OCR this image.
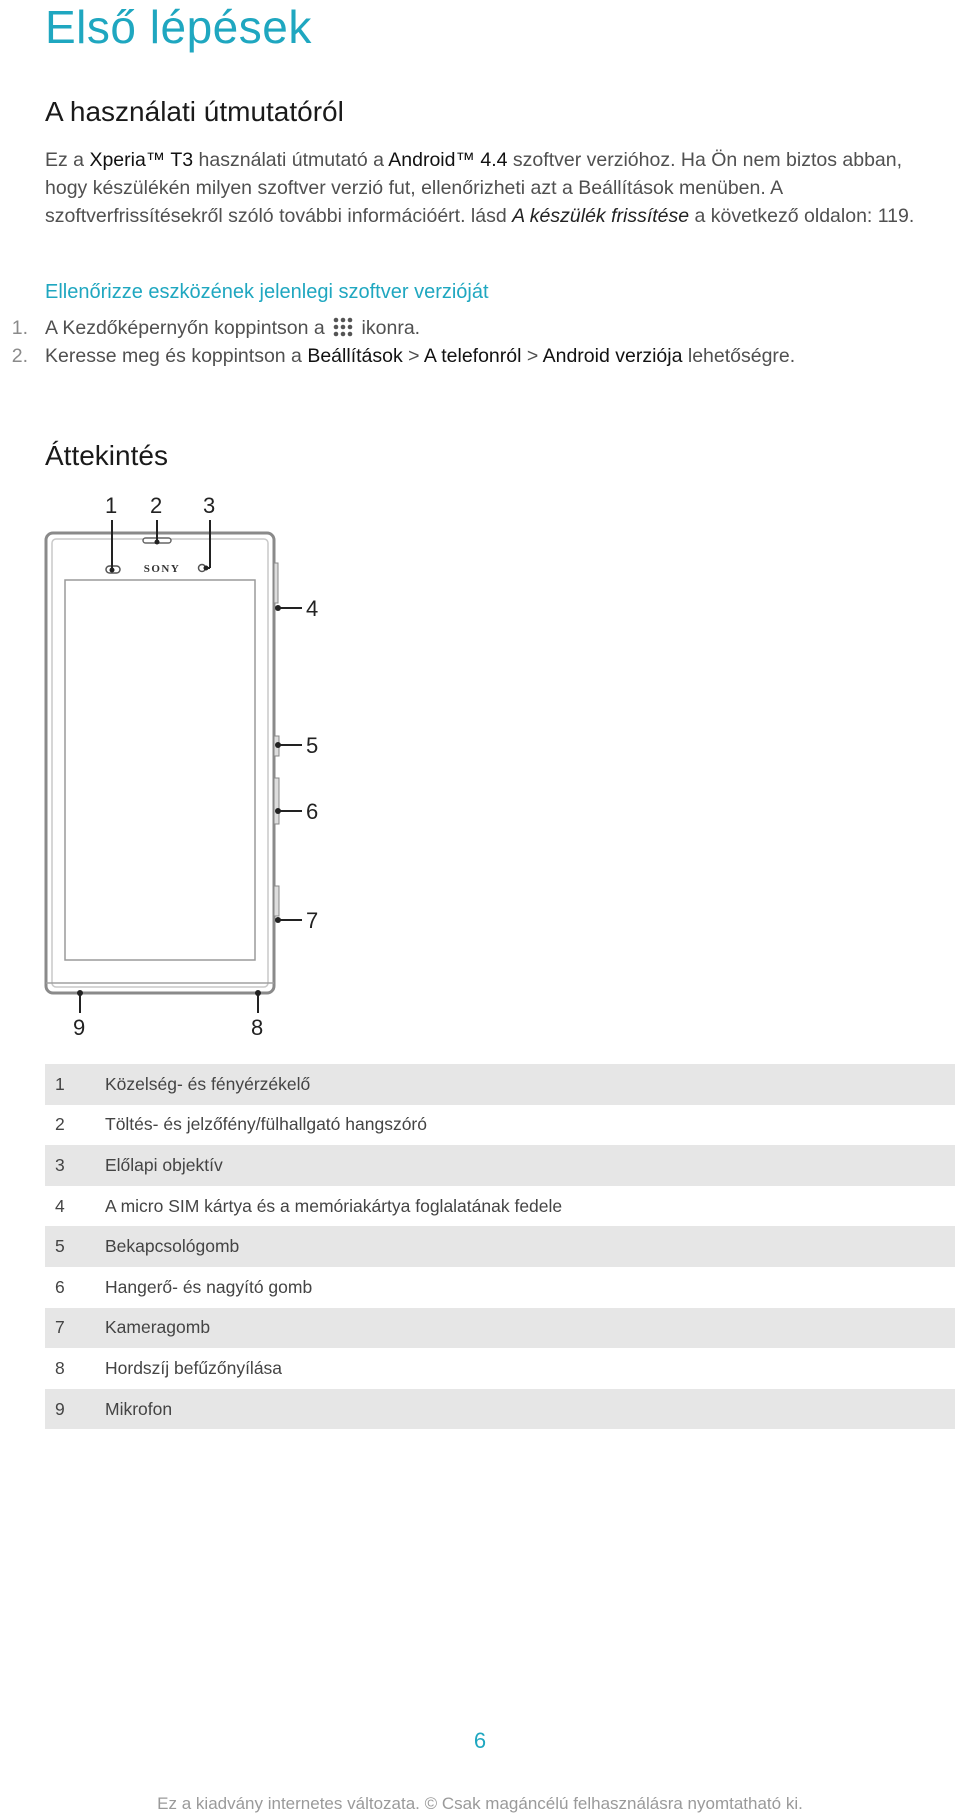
Első lépések
A használati útmutatóról

Ez a Xperia™ T3 használati útmutató a Android™ 4.4 szoftver verzióhoz. Ha Ön nem biztos abban, hogy készülékén milyen szoftver verzió fut, ellenőrizheti azt a Beállítások menüben. A szoftverfrissítésekről szóló további információért. lásd A készülék frissítése a következő oldalon: 119.

Ellenőrizze eszközének jelenlegi szoftver verzióját
1. A Kezdőképernyőn koppintson a ikonra.
2. Keresse meg és koppintson a Beállítások > A telefonról > Android verziója lehetőségre.
Áttekintés
SONY
1 2 3
4
5
6
7
9	8
1	Közelség- és fényérzékelő
2	Töltés- és jelzőfény/fülhallgató hangszóró
3	Előlapi objektív
4	A micro SIM kártya és a memóriakártya foglalatának fedele
5	Bekapcsológomb
6	Hangerő- és nagyító gomb
7	Kameragomb
8	Hordszíj befűzőnyílása
9	Mikrofon
6
Ez a kiadvány internetes változata. © Csak magáncélú felhasználásra nyomtatható ki.
